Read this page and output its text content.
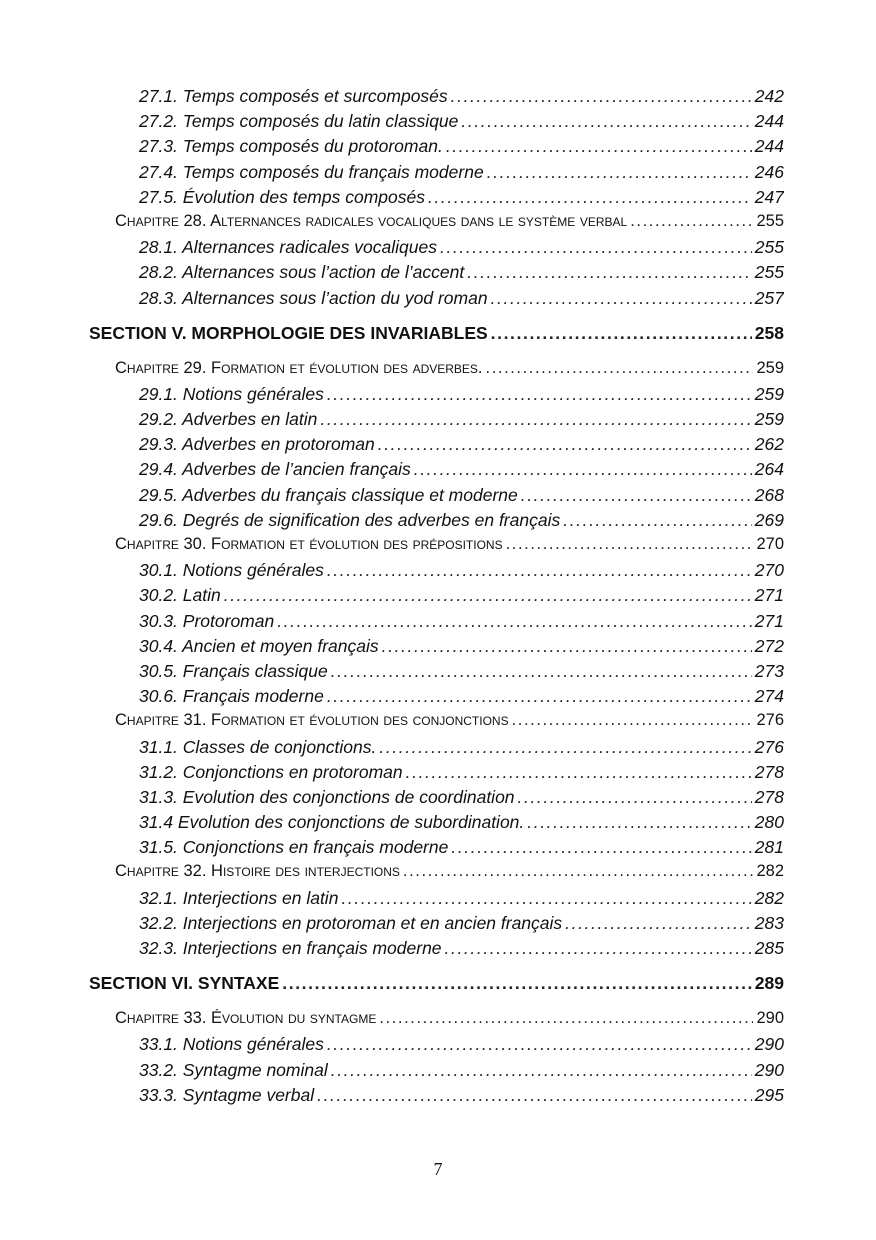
27.1. Temps composés et surcomposés .....	242
27.2. Temps composés du latin classique .....	244
27.3. Temps composés du protoroman. .....	244
27.4. Temps composés du français moderne .....	246
27.5. Évolution des temps composés .....	247
Chapitre 28. Alternances radicales vocaliques dans le système verbal .....	255
28.1. Alternances radicales vocaliques .....	255
28.2. Alternances sous l’action de l’accent .....	255
28.3. Alternances sous l’action du yod roman .....	257
SECTION V. MORPHOLOGIE DES INVARIABLES .....	258
Chapitre 29. Formation et évolution des adverbes. .....	259
29.1. Notions générales .....	259
29.2. Adverbes en latin .....	259
29.3. Adverbes en protoroman .....	262
29.4. Adverbes de l’ancien français .....	264
29.5. Adverbes du français classique et moderne .....	268
29.6. Degrés de signification des adverbes en français .....	269
Chapitre 30. Formation et évolution des prépositions .....	270
30.1. Notions générales .....	270
30.2. Latin .....	271
30.3. Protoroman .....	271
30.4. Ancien et moyen français .....	272
30.5. Français classique .....	273
30.6. Français moderne .....	274
Chapitre 31. Formation et évolution des conjonctions .....	276
31.1. Classes de conjonctions. .....	276
31.2. Conjonctions en protoroman .....	278
31.3. Evolution des conjonctions de coordination .....	278
31.4 Evolution des conjonctions de subordination. .....	280
31.5. Conjonctions en français moderne .....	281
Chapitre 32. Histoire des interjections .....	282
32.1. Interjections en latin .....	282
32.2. Interjections en protoroman et en ancien français .....	283
32.3. Interjections en français moderne .....	285
SECTION VI. SYNTAXE .....	289
Chapitre 33. Évolution du syntagme .....	290
33.1. Notions générales .....	290
33.2. Syntagme nominal .....	290
33.3. Syntagme verbal .....	295
7
